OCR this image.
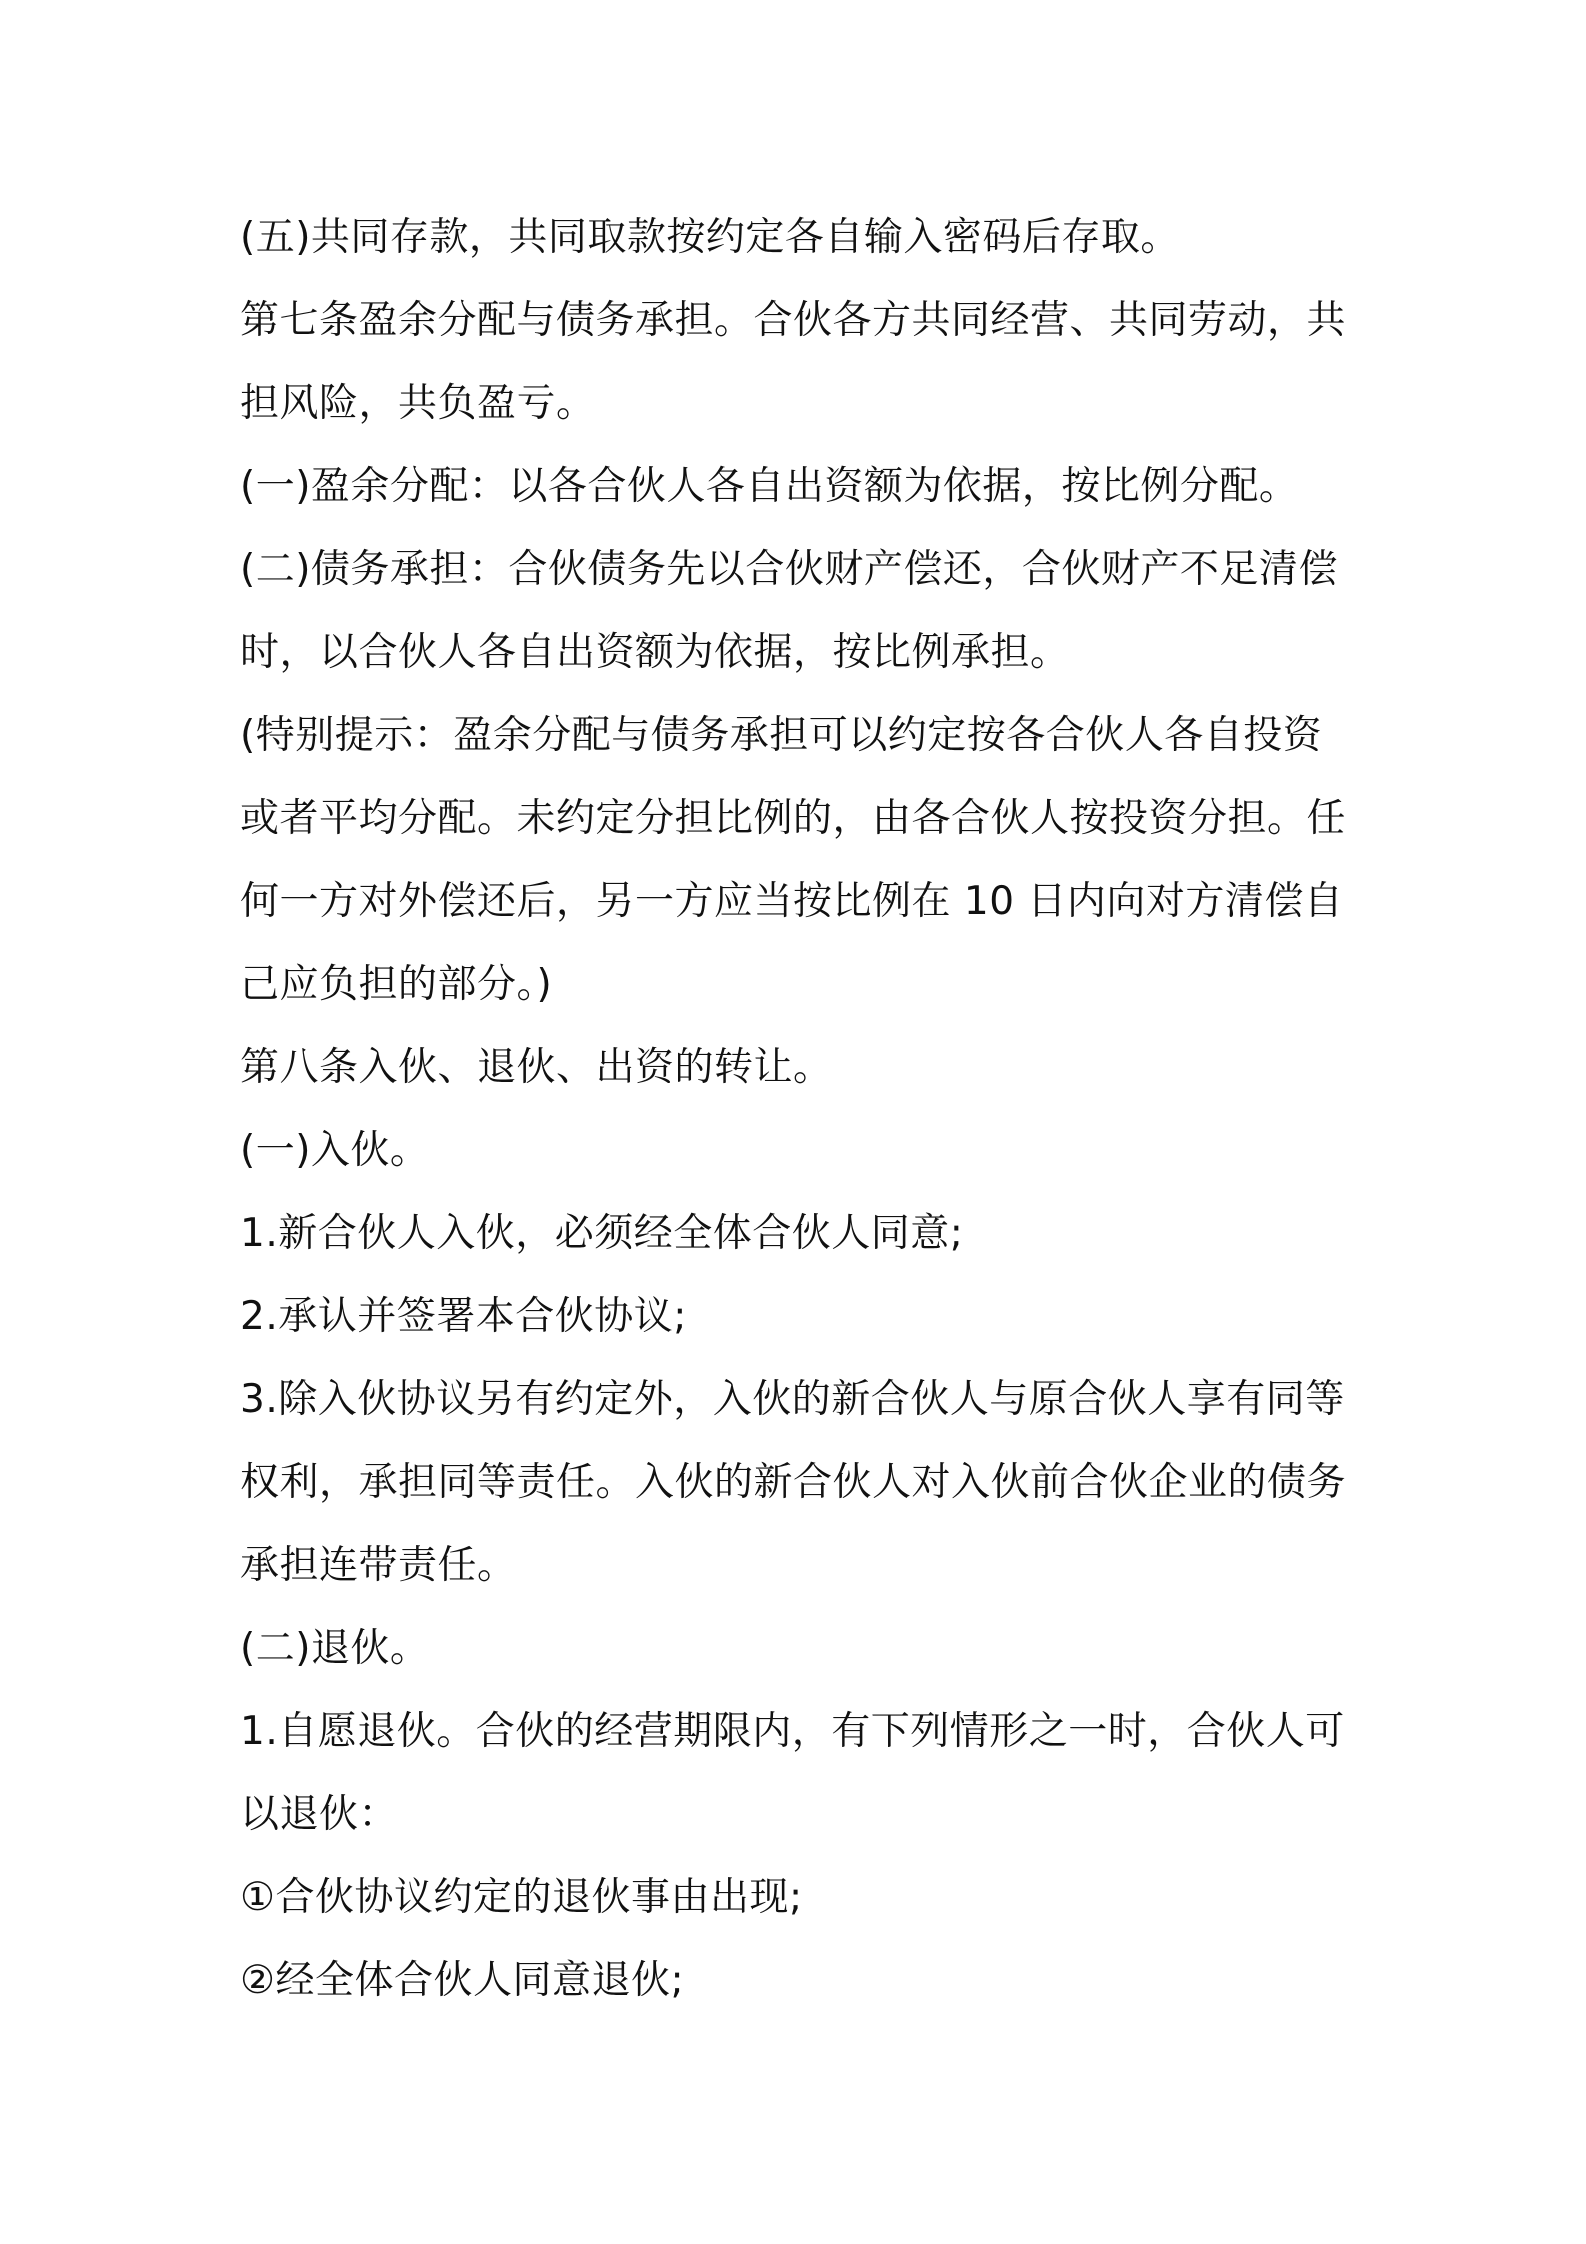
(五)共同存款，共同取款按约定各自输入密码后存取。
第七条盈余分配与债务承担。合伙各方共同经营、共同劳动，共
担风险，共负盈亏。
(一)盈余分配：以各合伙人各自出资额为依据，按比例分配。
(二)债务承担：合伙债务先以合伙财产偿还，合伙财产不足清偿
时，以合伙人各自出资额为依据，按比例承担。
(特别提示：盈余分配与债务承担可以约定按各合伙人各自投资
或者平均分配。未约定分担比例的，由各合伙人按投资分担。任
何一方对外偿还后，另一方应当按比例在 10 日内向对方清偿自
己应负担的部分。)
第八条入伙、退伙、出资的转让。
(一)入伙。
1.新合伙人入伙，必须经全体合伙人同意;
2.承认并签署本合伙协议;
3.除入伙协议另有约定外，入伙的新合伙人与原合伙人享有同等
权利，承担同等责任。入伙的新合伙人对入伙前合伙企业的债务
承担连带责任。
(二)退伙。
1.自愿退伙。合伙的经营期限内，有下列情形之一时，合伙人可
以退伙：
①合伙协议约定的退伙事由出现;
②经全体合伙人同意退伙;
